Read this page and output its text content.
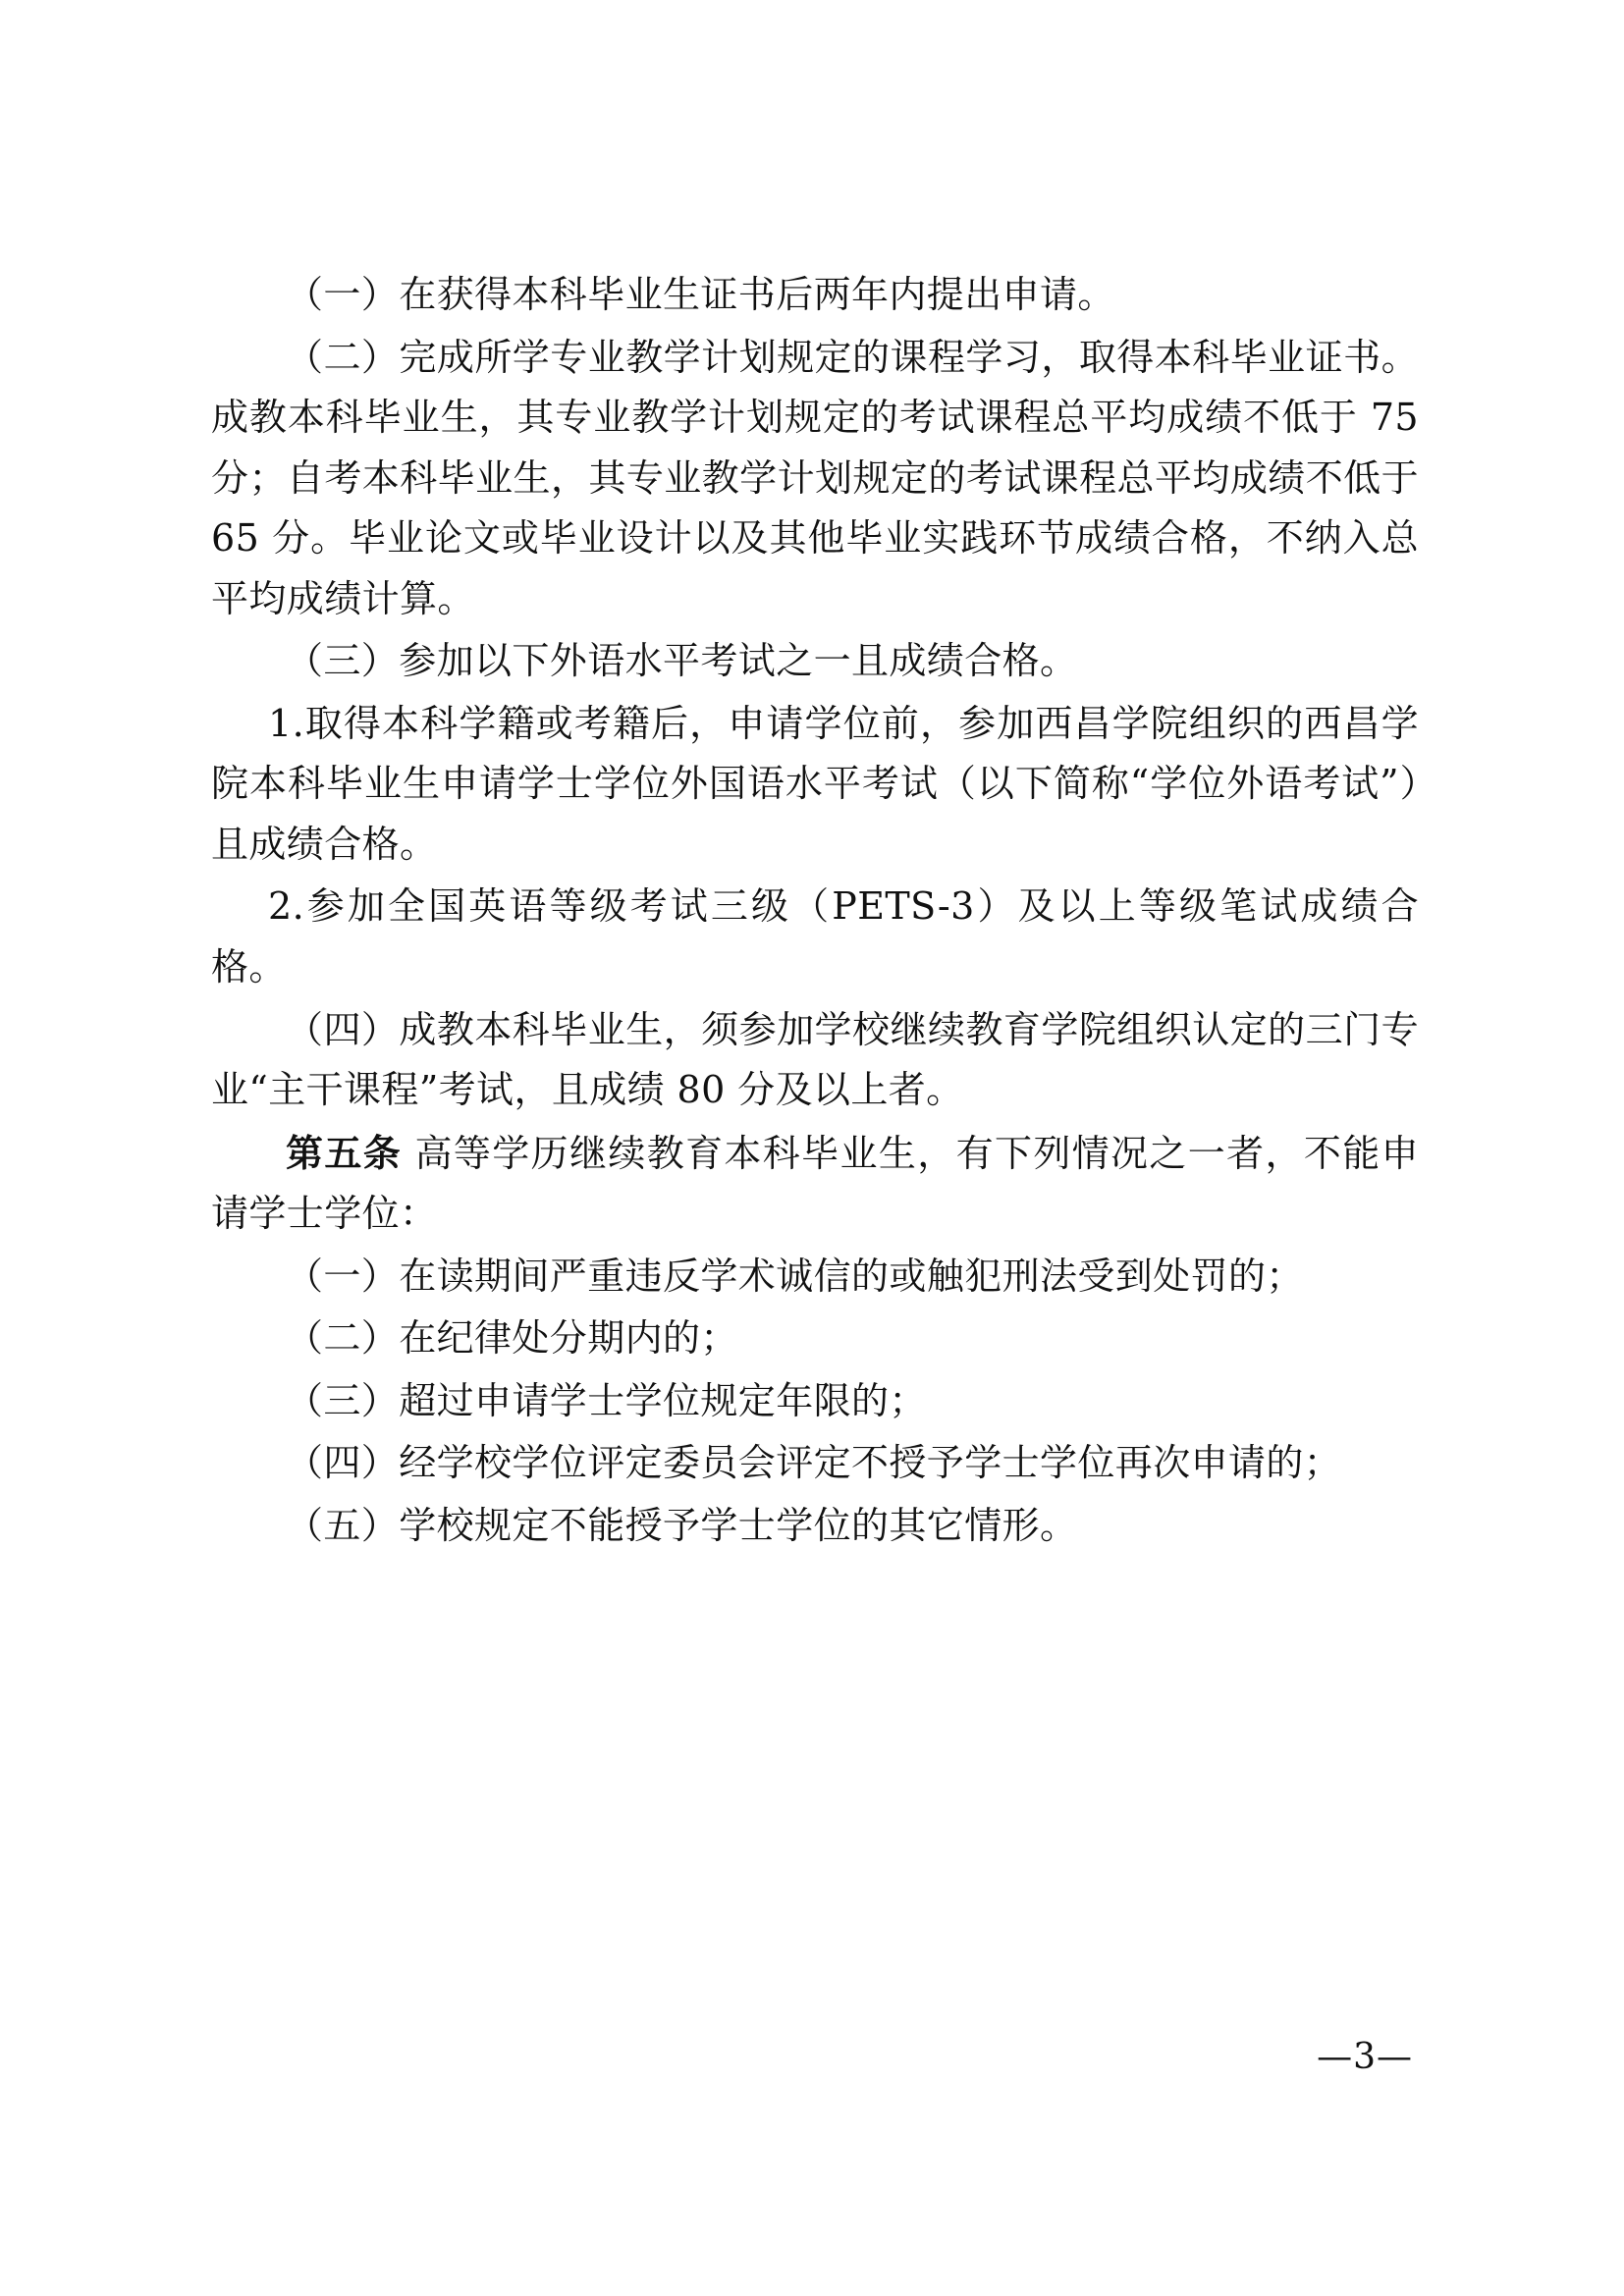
（一）在获得本科毕业生证书后两年内提出申请。

（二）完成所学专业教学计划规定的课程学习，取得本科毕业证书。成教本科毕业生，其专业教学计划规定的考试课程总平均成绩不低于 75 分；自考本科毕业生，其专业教学计划规定的考试课程总平均成绩不低于 65 分。毕业论文或毕业设计以及其他毕业实践环节成绩合格，不纳入总平均成绩计算。

（三）参加以下外语水平考试之一且成绩合格。

1.取得本科学籍或考籍后，申请学位前，参加西昌学院组织的西昌学院本科毕业生申请学士学位外国语水平考试（以下简称“学位外语考试”）且成绩合格。

2.参加全国英语等级考试三级（PETS-3）及以上等级笔试成绩合格。

（四）成教本科毕业生，须参加学校继续教育学院组织认定的三门专业“主干课程”考试，且成绩 80 分及以上者。

第五条 高等学历继续教育本科毕业生，有下列情况之一者，不能申请学士学位：

（一）在读期间严重违反学术诚信的或触犯刑法受到处罚的；

（二）在纪律处分期内的；

（三）超过申请学士学位规定年限的；

（四）经学校学位评定委员会评定不授予学士学位再次申请的；

（五）学校规定不能授予学士学位的其它情形。

—3—
